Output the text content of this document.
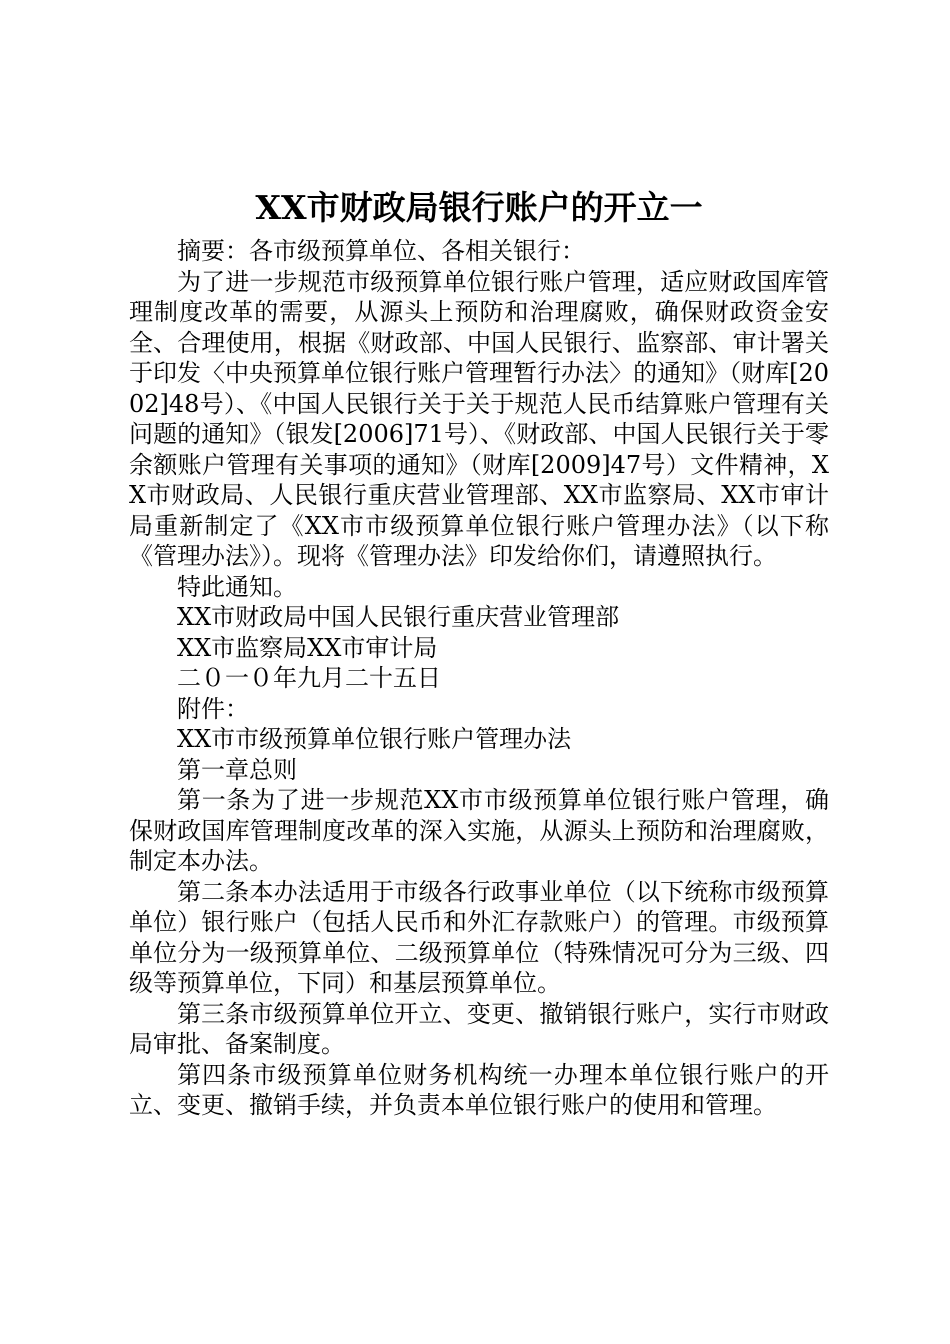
XX市财政局银行账户的开立一

摘要：各市级预算单位、各相关银行：

为了进一步规范市级预算单位银行账户管理，适应财政国库管理制度改革的需要，从源头上预防和治理腐败，确保财政资金安全、合理使用，根据《财政部、中国人民银行、监察部、审计署关于印发〈中央预算单位银行账户管理暂行办法〉的通知》（财库[2002]48号）、《中国人民银行关于关于规范人民币结算账户管理有关问题的通知》（银发[2006]71号）、《财政部、中国人民银行关于零余额账户管理有关事项的通知》（财库[2009]47号）文件精神，XX市财政局、人民银行重庆营业管理部、XX市监察局、XX市审计局重新制定了《XX市市级预算单位银行账户管理办法》（以下称《管理办法》）。现将《管理办法》印发给你们，请遵照执行。

特此通知。

XX市财政局中国人民银行重庆营业管理部

XX市监察局XX市审计局

二０一０年九月二十五日

附件：

XX市市级预算单位银行账户管理办法

第一章总则

第一条为了进一步规范XX市市级预算单位银行账户管理，确保财政国库管理制度改革的深入实施，从源头上预防和治理腐败，制定本办法。

第二条本办法适用于市级各行政事业单位（以下统称市级预算单位）银行账户（包括人民币和外汇存款账户）的管理。市级预算单位分为一级预算单位、二级预算单位（特殊情况可分为三级、四级等预算单位，下同）和基层预算单位。

第三条市级预算单位开立、变更、撤销银行账户，实行市财政局审批、备案制度。

第四条市级预算单位财务机构统一办理本单位银行账户的开立、变更、撤销手续，并负责本单位银行账户的使用和管理。
